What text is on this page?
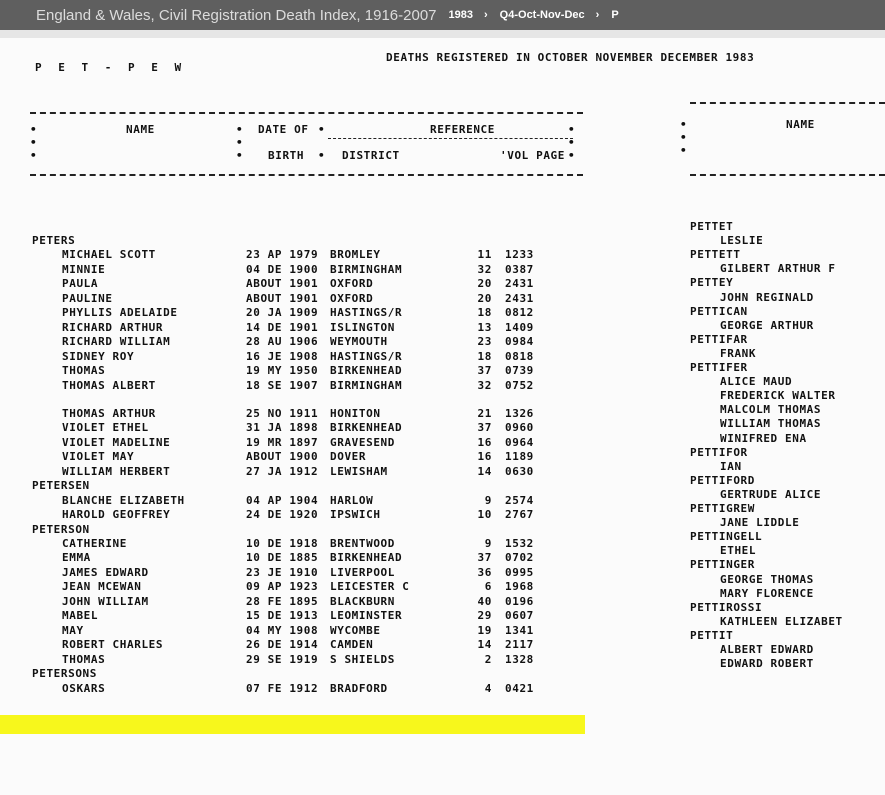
England & Wales, Civil Registration Death Index, 1916-2007 1983 › Q4-Oct-Nov-Dec › P
P E T - P E W
DEATHS REGISTERED IN OCTOBER NOVEMBER DECEMBER 1983
•
•
•
NAME	•
•
•
DATE OF
BIRTH
•

•
REFERENCE
DISTRICT	'VOL PAGE
•
•
•
•
•
•
NAME
PETERS
MICHAEL SCOTT	23 AP 1979 BROMLEY	11 1233
MINNIE	04 DE 1900 BIRMINGHAM	32 0387
PAULA	ABOUT 1901 OXFORD	20 2431
PAULINE	ABOUT 1901 OXFORD	20 2431
PHYLLIS ADELAIDE	20 JA 1909 HASTINGS/R	18 0812
RICHARD ARTHUR	14 DE 1901 ISLINGTON	13 1409
RICHARD WILLIAM	28 AU 1906 WEYMOUTH	23 0984
SIDNEY ROY	16 JE 1908 HASTINGS/R	18 0818
THOMAS	19 MY 1950 BIRKENHEAD	37 0739
THOMAS ALBERT	18 SE 1907 BIRMINGHAM	32 0752
THOMAS ARTHUR	25 NO 1911 HONITON	21 1326
VIOLET ETHEL	31 JA 1898 BIRKENHEAD	37 0960
VIOLET MADELINE	19 MR 1897 GRAVESEND	16 0964
VIOLET MAY	ABOUT 1900 DOVER	16 1189
WILLIAM HERBERT	27 JA 1912 LEWISHAM	14 0630
PETERSEN
BLANCHE ELIZABETH	04 AP 1904 HARLOW	9 2574
HAROLD GEOFFREY	24 DE 1920 IPSWICH	10 2767
PETERSON
CATHERINE	10 DE 1918 BRENTWOOD	9 1532
EMMA	10 DE 1885 BIRKENHEAD	37 0702
JAMES EDWARD	23 JE 1910 LIVERPOOL	36 0995
JEAN MCEWAN	09 AP 1923 LEICESTER C	6 1968
JOHN WILLIAM	28 FE 1895 BLACKBURN	40 0196
MABEL	15 DE 1913 LEOMINSTER	29 0607
MAY	04 MY 1908 WYCOMBE	19 1341
ROBERT CHARLES	26 DE 1914 CAMDEN	14 2117
THOMAS	29 SE 1919 S SHIELDS	2 1328
PETERSONS
OSKARS	07 FE 1912 BRADFORD	4 0421
PETTET
LESLIE
PETTETT
GILBERT ARTHUR F
PETTEY
JOHN REGINALD
PETTICAN
GEORGE ARTHUR
PETTIFAR
FRANK
PETTIFER
ALICE MAUD
FREDERICK WALTER
MALCOLM THOMAS
WILLIAM THOMAS
WINIFRED ENA
PETTIFOR
IAN
PETTIFORD
GERTRUDE ALICE
PETTIGREW
JANE LIDDLE
PETTINGELL
ETHEL
PETTINGER
GEORGE THOMAS
MARY FLORENCE
PETTIROSSI
KATHLEEN ELIZABET
PETTIT
ALBERT EDWARD
EDWARD ROBERT
